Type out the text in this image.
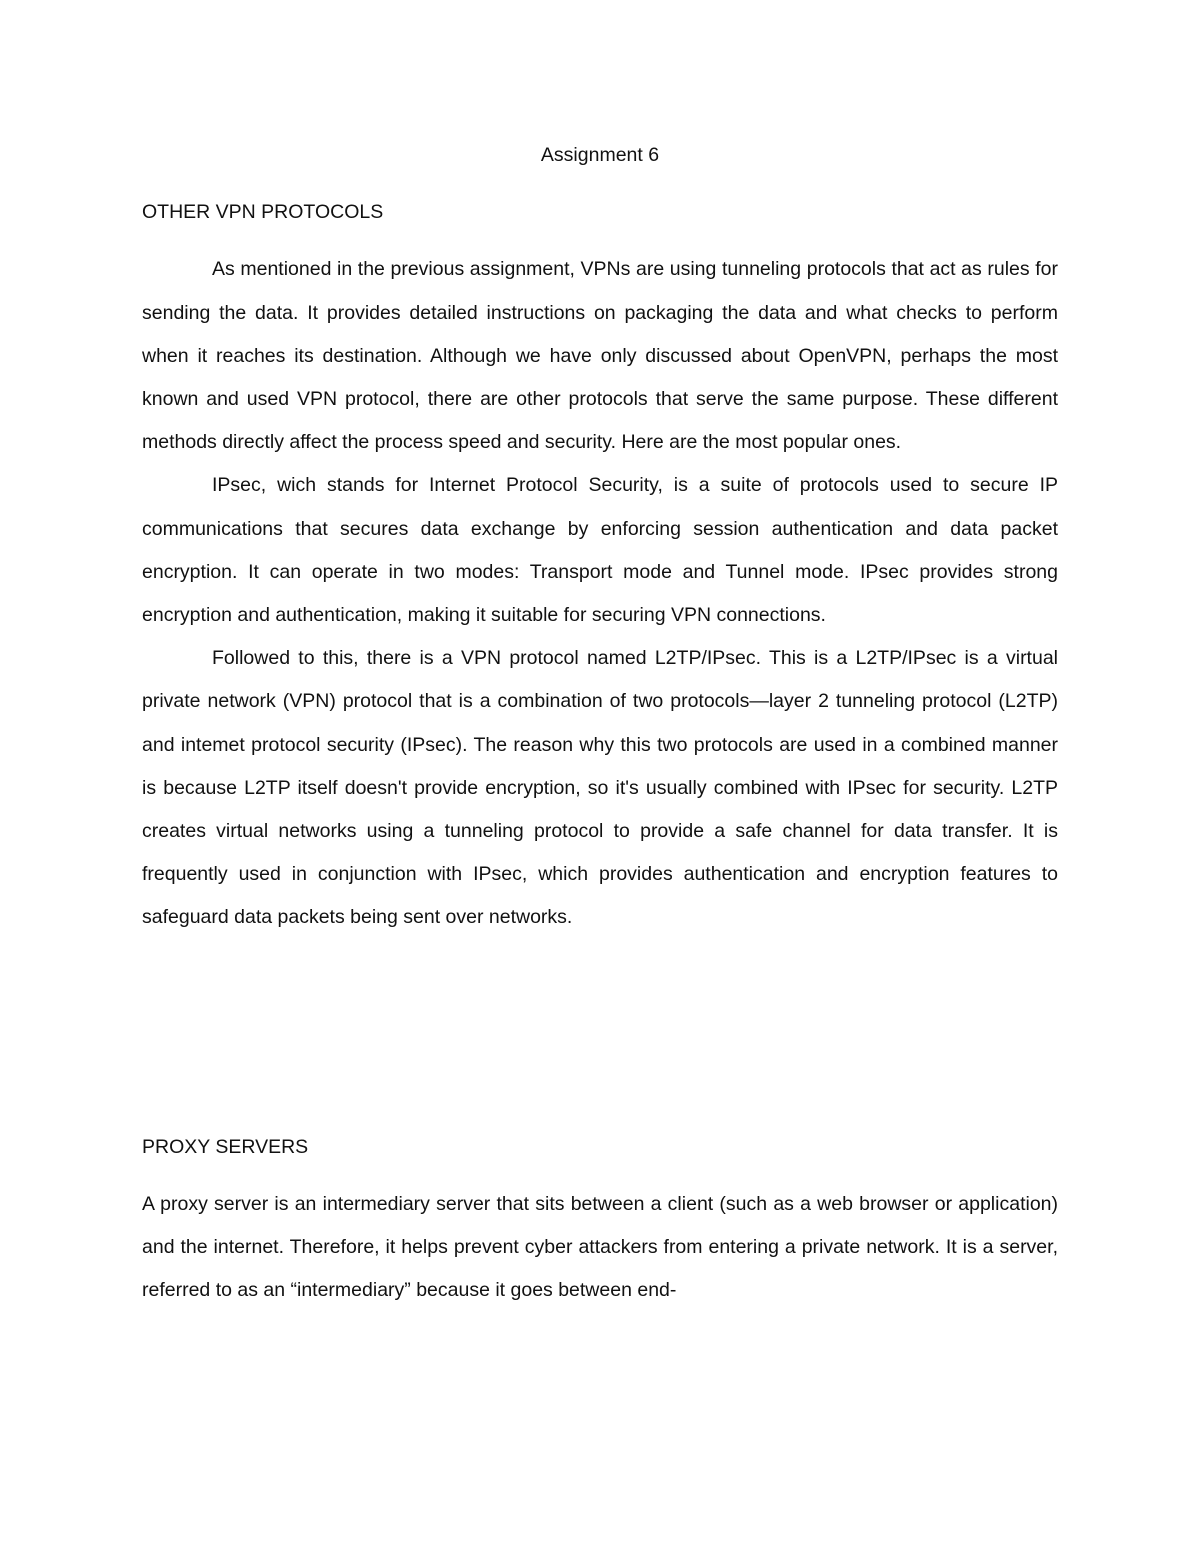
Assignment 6
OTHER VPN PROTOCOLS

As mentioned in the previous assignment, VPNs are using tunneling protocols that act as rules for sending the data. It provides detailed instructions on packaging the data and what checks to perform when it reaches its destination. Although we have only discussed about OpenVPN, perhaps the most known and used VPN protocol, there are other protocols that serve the same purpose. These different methods directly affect the process speed and security. Here are the most popular ones.

IPsec, wich stands for Internet Protocol Security, is a suite of protocols used to secure IP communications that secures data exchange by enforcing session authentication and data packet encryption. It can operate in two modes: Transport mode and Tunnel mode. IPsec provides strong encryption and authentication, making it suitable for securing VPN connections.

Followed to this, there is a VPN protocol named L2TP/IPsec. This is a L2TP/IPsec is a virtual private network (VPN) protocol that is a combination of two protocols—layer 2 tunneling protocol (L2TP) and intemet protocol security (IPsec). The reason why this two protocols are used in a combined manner is because L2TP itself doesn't provide encryption, so it's usually combined with IPsec for security. L2TP creates virtual networks using a tunneling protocol to provide a safe channel for data transfer. It is frequently used in conjunction with IPsec, which provides authentication and encryption features to safeguard data packets being sent over networks.

PROXY SERVERS

A proxy server is an intermediary server that sits between a client (such as a web browser or application) and the internet. Therefore, it helps prevent cyber attackers from entering a private network. It is a server, referred to as an “intermediary” because it goes between end-
